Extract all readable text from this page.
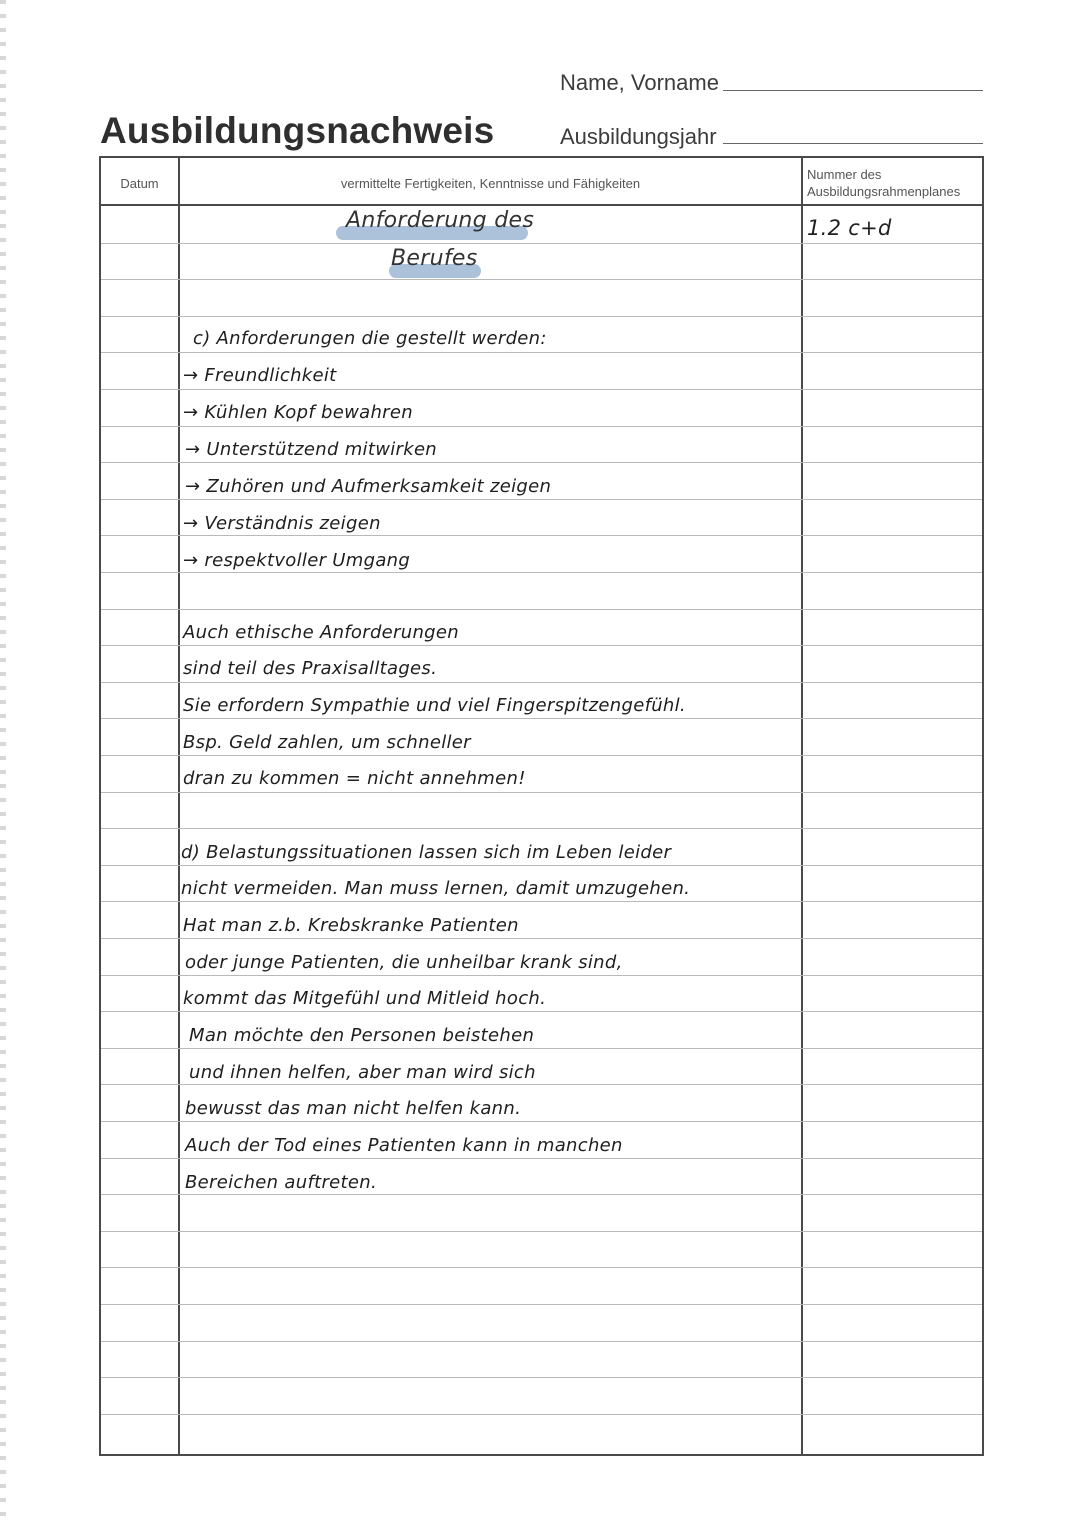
Ausbildungsnachweis
Name, Vorname
Ausbildungsjahr
Datum	vermittelte Fertigkeiten, Kenntnisse und Fähigkeiten
Nummer des
Ausbildungsrahmenplanes
Anforderung des
Berufes
1.2 c+d
c) Anforderungen die gestellt werden:
→ Freundlichkeit
→ Kühlen Kopf bewahren
→ Unterstützend mitwirken
→ Zuhören und Aufmerksamkeit zeigen
→ Verständnis zeigen
→ respektvoller Umgang
Auch ethische Anforderungen
sind teil des Praxisalltages.
Sie erfordern Sympathie und viel Fingerspitzengefühl.
Bsp. Geld zahlen, um schneller
dran zu kommen = nicht annehmen!
d) Belastungssituationen lassen sich im Leben leider
nicht vermeiden. Man muss lernen, damit umzugehen.
Hat man z.b. Krebskranke Patienten
oder junge Patienten, die unheilbar krank sind,
kommt das Mitgefühl und Mitleid hoch.
Man möchte den Personen beistehen
und ihnen helfen, aber man wird sich
bewusst das man nicht helfen kann.
Auch der Tod eines Patienten kann in manchen
Bereichen auftreten.
